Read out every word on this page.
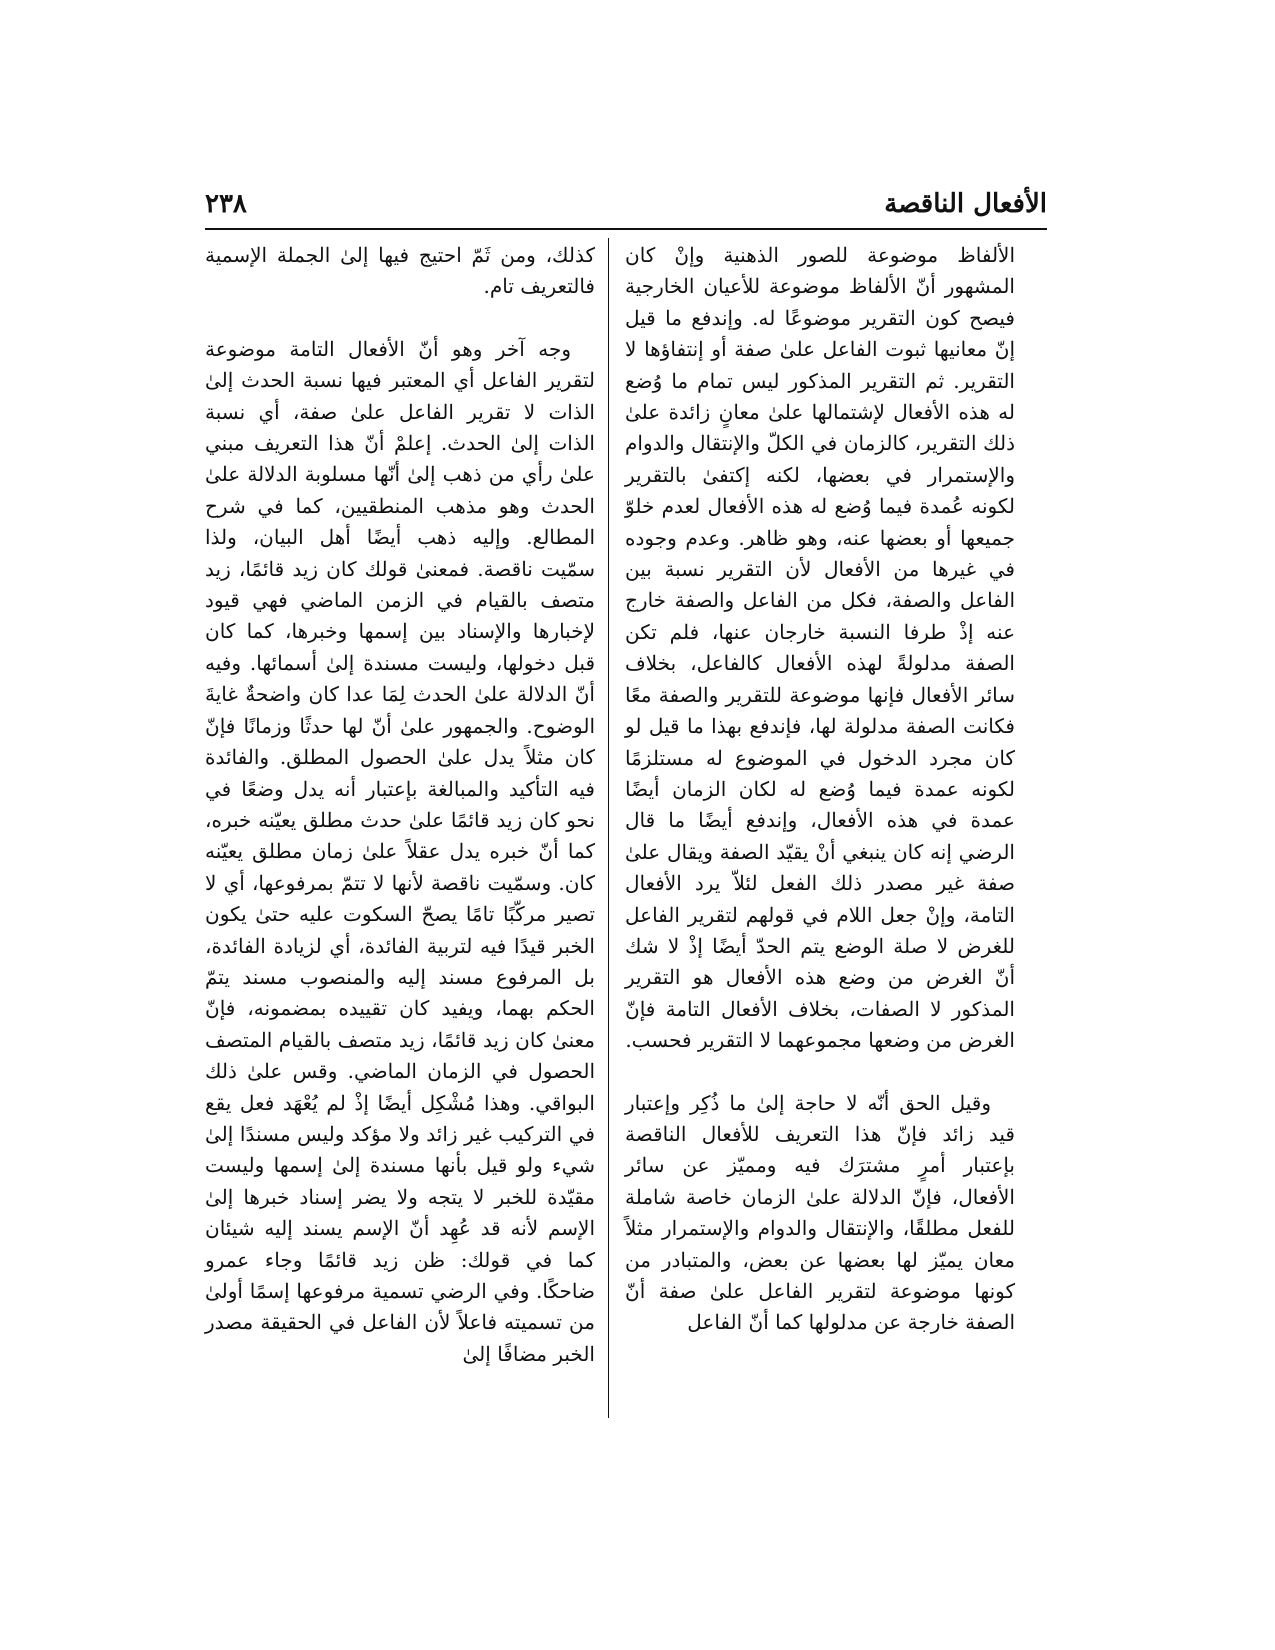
الأفعال الناقصة
٢٣٨

الألفاظ موضوعة للصور الذهنية وإنْ كان المشهور أنّ الألفاظ موضوعة للأعيان الخارجية فيصح كون التقرير موضوعًا له. وإندفع ما قيل إنّ معانيها ثبوت الفاعل علىٰ صفة أو إنتفاؤها لا التقرير. ثم التقرير المذكور ليس تمام ما وُضع له هذه الأفعال لإشتمالها علىٰ معانٍ زائدة علىٰ ذلك التقرير، كالزمان في الكلّ والإنتقال والدوام والإستمرار في بعضها، لكنه إكتفىٰ بالتقرير لكونه عُمدة فيما وُضع له هذه الأفعال لعدم خلوّ جميعها أو بعضها عنه، وهو ظاهر. وعدم وجوده في غيرها من الأفعال لأن التقرير نسبة بين الفاعل والصفة، فكل من الفاعل والصفة خارج عنه إذْ طرفا النسبة خارجان عنها، فلم تكن الصفة مدلولةً لهذه الأفعال كالفاعل، بخلاف سائر الأفعال فإنها موضوعة للتقرير والصفة معًا فكانت الصفة مدلولة لها، فإندفع بهذا ما قيل لو كان مجرد الدخول في الموضوع له مستلزمًا لكونه عمدة فيما وُضع له لكان الزمان أيضًا عمدة في هذه الأفعال، وإندفع أيضًا ما قال الرضي إنه كان ينبغي أنْ يقيّد الصفة ويقال علىٰ صفة غير مصدر ذلك الفعل لئلاّ يرد الأفعال التامة، وإنْ جعل اللام في قولهم لتقرير الفاعل للغرض لا صلة الوضع يتم الحدّ أيضًا إذْ لا شك أنّ الغرض من وضع هذه الأفعال هو التقرير المذكور لا الصفات، بخلاف الأفعال التامة فإنّ الغرض من وضعها مجموعهما لا التقرير فحسب.

وقيل الحق أنّه لا حاجة إلىٰ ما ذُكِر وإعتبار قيد زائد فإنّ هذا التعريف للأفعال الناقصة بإعتبار أمرٍ مشترَك فيه ومميّز عن سائر الأفعال، فإنّ الدلالة علىٰ الزمان خاصة شاملة للفعل مطلقًا، والإنتقال والدوام والإستمرار مثلاً معان يميّز لها بعضها عن بعض، والمتبادر من كونها موضوعة لتقرير الفاعل علىٰ صفة أنّ الصفة خارجة عن مدلولها كما أنّ الفاعل

كذلك، ومن ثَمّ احتيج فيها إلىٰ الجملة الإسمية فالتعريف تام.

وجه آخر وهو أنّ الأفعال التامة موضوعة لتقرير الفاعل أي المعتبر فيها نسبة الحدث إلىٰ الذات لا تقرير الفاعل علىٰ صفة، أي نسبة الذات إلىٰ الحدث. إعلمْ أنّ هذا التعريف مبني علىٰ رأي من ذهب إلىٰ أنّها مسلوبة الدلالة علىٰ الحدث وهو مذهب المنطقيين، كما في شرح المطالع. وإليه ذهب أيضًا أهل البيان، ولذا سمّيت ناقصة. فمعنىٰ قولك كان زيد قائمًا، زيد متصف بالقيام في الزمن الماضي فهي قيود لإخبارها والإسناد بين إسمها وخبرها، كما كان قبل دخولها، وليست مسندة إلىٰ أسمائها. وفيه أنّ الدلالة علىٰ الحدث لِمَا عدا كان واضحةٌ غايةَ الوضوح. والجمهور علىٰ أنّ لها حدثًا وزمانًا فإنّ كان مثلاً يدل علىٰ الحصول المطلق. والفائدة فيه التأكيد والمبالغة بإعتبار أنه يدل وضعًا في نحو كان زيد قائمًا علىٰ حدث مطلق يعيّنه خبره، كما أنّ خبره يدل عقلاً علىٰ زمان مطلق يعيّنه كان. وسمّيت ناقصة لأنها لا تتمّ بمرفوعها، أي لا تصير مركّبًا تامًا يصحّ السكوت عليه حتىٰ يكون الخبر قيدًا فيه لتربية الفائدة، أي لزيادة الفائدة، بل المرفوع مسند إليه والمنصوب مسند يتمّ الحكم بهما، ويفيد كان تقييده بمضمونه، فإنّ معنىٰ كان زيد قائمًا، زيد متصف بالقيام المتصف الحصول في الزمان الماضي. وقس علىٰ ذلك البواقي. وهذا مُشْكِل أيضًا إذْ لم يُعْهَد فعل يقع في التركيب غير زائد ولا مؤكد وليس مسندًا إلىٰ شيء ولو قيل بأنها مسندة إلىٰ إسمها وليست مقيّدة للخبر لا يتجه ولا يضر إسناد خبرها إلىٰ الإسم لأنه قد عُهِد أنّ الإسم يسند إليه شيئان كما في قولك: ظن زيد قائمًا وجاء عمرو ضاحكًا. وفي الرضي تسمية مرفوعها إسمًا أولىٰ من تسميته فاعلاً لأن الفاعل في الحقيقة مصدر الخبر مضافًا إلىٰ
